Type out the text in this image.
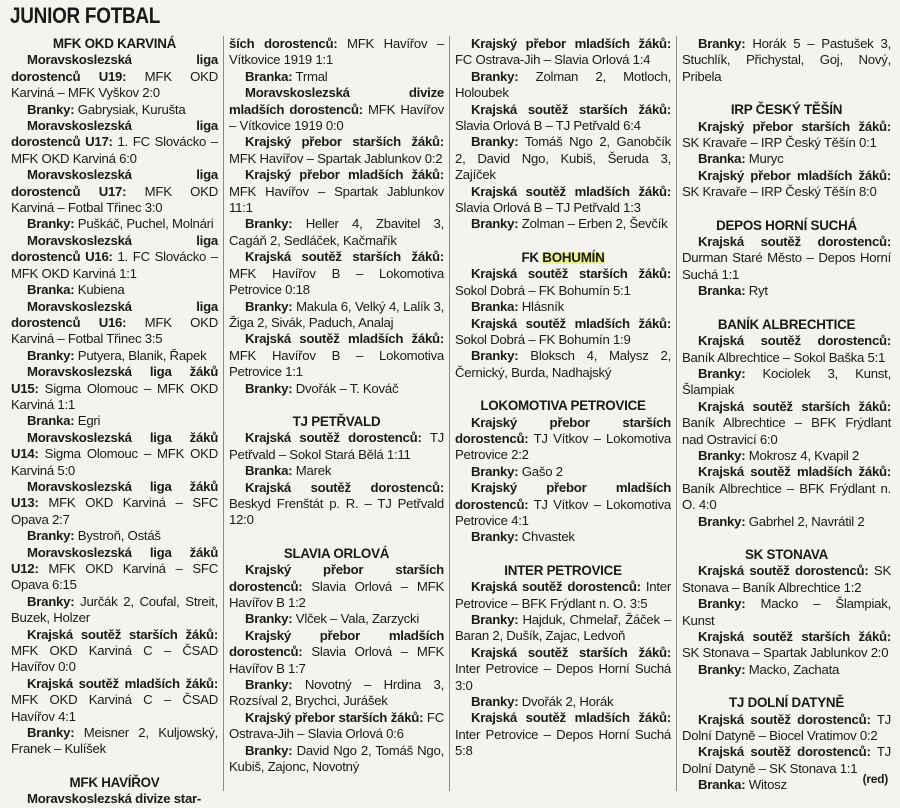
JUNIOR FOTBAL
MFK OKD KARVINÁ

Moravskoslezská liga dorostenců U19: MFK OKD Karviná – MFK Vyškov 2:0

Branky: Gabrysiak, Kurušta

Moravskoslezská liga dorostenců U17: 1. FC Slovácko – MFK OKD Karviná 6:0

Moravskoslezská liga dorostenců U17: MFK OKD Karviná – Fotbal Třinec 3:0

Branky: Puškáč, Puchel, Molnári

Moravskoslezská liga dorostenců U16: 1. FC Slovácko – MFK OKD Karviná 1:1

Branka: Kubiena

Moravskoslezská liga dorostenců U16: MFK OKD Karviná – Fotbal Třinec 3:5

Branky: Putyera, Blanik, Řapek

Moravskoslezská liga žáků U15: Sigma Olomouc – MFK OKD Karviná 1:1

Branka: Egri

Moravskoslezská liga žáků U14: Sigma Olomouc – MFK OKD Karviná 5:0

Moravskoslezská liga žáků U13: MFK OKD Karviná – SFC Opava 2:7

Branky: Bystroň, Ostáš

Moravskoslezská liga žáků U12: MFK OKD Karviná – SFC Opava 6:15

Branky: Jurčák 2, Coufal, Streit, Buzek, Holzer

Krajská soutěž starších žáků: MFK OKD Karviná C – ČSAD Havířov 0:0

Krajská soutěž mladších žáků: MFK OKD Karviná C – ČSAD Havířov 4:1

Branky: Meisner 2, Kuljowský, Franek – Kulíšek

MFK HAVÍŘOV

Moravskoslezská divize star-

ších dorostenců: MFK Havířov – Vítkovice 1919 1:1

Branka: Trmal

Moravskoslezská divize mladších dorostenců: MFK Havířov – Vítkovice 1919 0:0

Krajský přebor starších žáků: MFK Havířov – Spartak Jablunkov 0:2

Krajský přebor mladších žáků: MFK Havířov – Spartak Jablunkov 11:1

Branky: Heller 4, Zbavitel 3, Cagáň 2, Sedláček, Kačmařík

Krajská soutěž starších žáků: MFK Havířov B – Lokomotiva Petrovice 0:18

Branky: Makula 6, Velký 4, Lalík 3, Žiga 2, Sivák, Paduch, Analaj

Krajská soutěž mladších žáků: MFK Havířov B – Lokomotiva Petrovice 1:1

Branky: Dvořák – T. Kováč

TJ PETŘVALD

Krajská soutěž dorostenců: TJ Petřvald – Sokol Stará Bělá 1:11

Branka: Marek

Krajská soutěž dorostenců: Beskyd Frenštát p. R. – TJ Petřvald 12:0

SLAVIA ORLOVÁ

Krajský přebor starších dorostenců: Slavia Orlová – MFK Havířov B 1:2

Branky: Vlček – Vala, Zarzycki

Krajský přebor mladších dorostenců: Slavia Orlová – MFK Havířov B 1:7

Branky: Novotný – Hrdina 3, Rozsíval 2, Brychci, Jurášek

Krajský přebor starších žáků: FC Ostrava-Jih – Slavia Orlová 0:6

Branky: David Ngo 2, Tomáš Ngo, Kubiš, Zajonc, Novotný

Krajský přebor mladších žáků: FC Ostrava-Jih – Slavia Orlová 1:4

Branky: Zolman 2, Motloch, Holoubek

Krajská soutěž starších žáků: Slavia Orlová B – TJ Petřvald 6:4

Branky: Tomáš Ngo 2, Ganobčík 2, David Ngo, Kubiš, Šeruda 3, Zajíček

Krajská soutěž mladších žáků: Slavia Orlová B – TJ Petřvald 1:3

Branky: Zolman – Erben 2, Ševčík

FK BOHUMÍN

Krajská soutěž starších žáků: Sokol Dobrá – FK Bohumín 5:1

Branka: Hlásník

Krajská soutěž mladších žáků: Sokol Dobrá – FK Bohumín 1:9

Branky: Bloksch 4, Malysz 2, Černický, Burda, Nadhajský

LOKOMOTIVA PETROVICE

Krajský přebor starších dorostenců: TJ Vítkov – Lokomotiva Petrovice 2:2

Branky: Gašo 2

Krajský přebor mladších dorostenců: TJ Vítkov – Lokomotiva Petrovice 4:1

Branky: Chvastek

INTER PETROVICE

Krajská soutěž dorostenců: Inter Petrovice – BFK Frýdlant n. O. 3:5

Branky: Hajduk, Chmelař, Žáček – Baran 2, Dušík, Zajac, Ledvoň

Krajská soutěž starších žáků: Inter Petrovice – Depos Horní Suchá 3:0

Branky: Dvořák 2, Horák

Krajská soutěž mladších žáků: Inter Petrovice – Depos Horní Suchá 5:8

Branky: Horák 5 – Pastušek 3, Stuchlík, Přichystal, Goj, Nový, Pribela

IRP ČESKÝ TĚŠÍN

Krajský přebor starších žáků: SK Kravaře – IRP Český Těšín 0:1

Branka: Muryc

Krajský přebor mladších žáků: SK Kravaře – IRP Český Těšín 8:0

DEPOS HORNÍ SUCHÁ

Krajská soutěž dorostenců: Durman Staré Město – Depos Horní Suchá 1:1

Branka: Ryt

BANÍK ALBRECHTICE

Krajská soutěž dorostenců: Baník Albrechtice – Sokol Baška 5:1

Branky: Kociolek 3, Kunst, Šlampiak

Krajská soutěž starších žáků: Baník Albrechtice – BFK Frýdlant nad Ostravicí 6:0

Branky: Mokrosz 4, Kvapil 2

Krajská soutěž mladších žáků: Baník Albrechtice – BFK Frýdlant n. O. 4:0

Branky: Gabrhel 2, Navrátil 2

SK STONAVA

Krajská soutěž dorostenců: SK Stonava – Baník Albrechtice 1:2

Branky: Macko – Šlampiak, Kunst

Krajská soutěž starších žáků: SK Stonava – Spartak Jablunkov 2:0

Branky: Macko, Zachata

TJ DOLNÍ DATYNĚ

Krajská soutěž dorostenců: TJ Dolní Datyně – Biocel Vratimov 0:2

Krajská soutěž dorostenců: TJ Dolní Datyně – SK Stonava 1:1

Branka: Witosz	(red)
